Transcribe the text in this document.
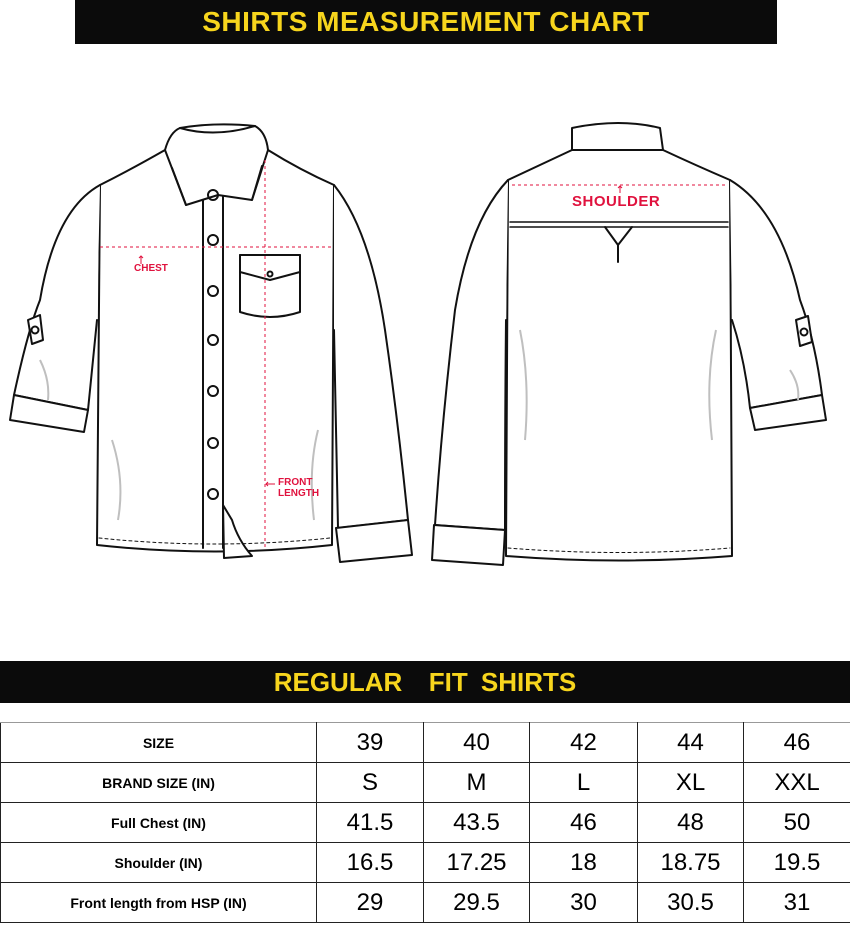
SHIRTS MEASUREMENT CHART
CHEST
FRONT
LENGTH
SHOULDER
REGULAR  FIT SHIRTS
SIZE	39	40	42	44	46
BRAND SIZE (IN)	S	M	L	XL	XXL
Full Chest (IN)	41.5	43.5	46	48	50
Shoulder (IN)	16.5	17.25	18	18.75	19.5
Front length from HSP (IN)	29	29.5	30	30.5	31
